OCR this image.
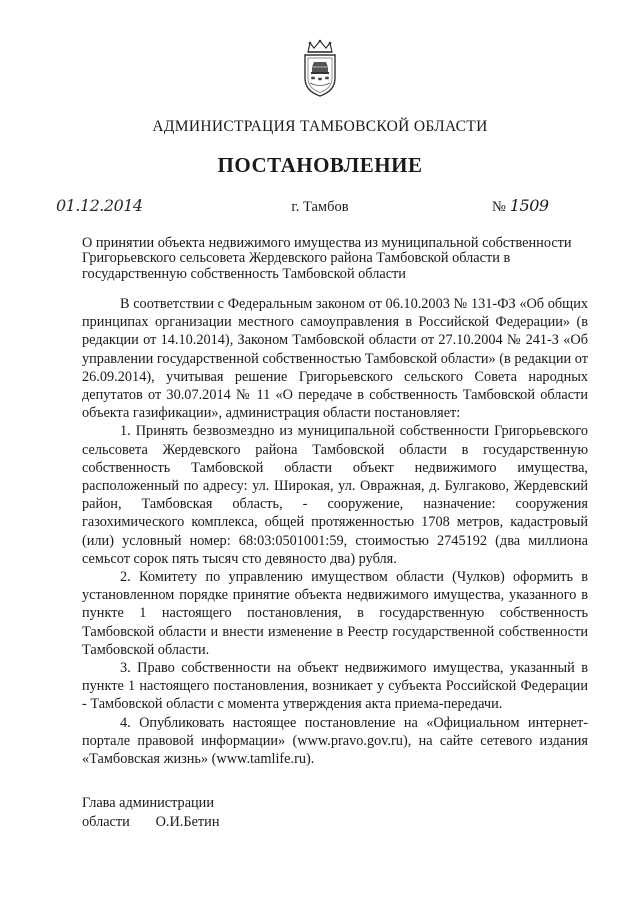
АДМИНИСТРАЦИЯ ТАМБОВСКОЙ ОБЛАСТИ
ПОСТАНОВЛЕНИЕ
01.12.2014	г. Тамбов	№ 1509
О принятии объекта недвижимого имущества из муниципальной собственности Григорьевского сельсовета Жердевского района Тамбовской области в государственную собственность Тамбовской области

В соответствии с Федеральным законом от 06.10.2003 № 131-ФЗ «Об общих принципах организации местного самоуправления в Российской Федерации» (в редакции от 14.10.2014), Законом Тамбовской области от 27.10.2004 № 241-З «Об управлении государственной собственностью Тамбовской области» (в редакции от 26.09.2014), учитывая решение Григорьевского сельского Совета народных депутатов от 30.07.2014 № 11 «О передаче в собственность Тамбовской области объекта газификации», администрация области постановляет:

1. Принять безвозмездно из муниципальной собственности Григорьевского сельсовета Жердевского района Тамбовской области в государственную собственность Тамбовской области объект недвижимого имущества, расположенный по адресу: ул. Широкая, ул. Овражная, д. Булгаково, Жердевский район, Тамбовская область, - сооружение, назначение: сооружения газохимического комплекса, общей протяженностью 1708 метров, кадастровый (или) условный номер: 68:03:0501001:59, стоимостью 2745192 (два миллиона семьсот сорок пять тысяч сто девяносто два) рубля.

2. Комитету по управлению имуществом области (Чулков) оформить в установленном порядке принятие объекта недвижимого имущества, указанного в пункте 1 настоящего постановления, в государственную собственность Тамбовской области и внести изменение в Реестр государственной собственности Тамбовской области.

3. Право собственности на объект недвижимого имущества, указанный в пункте 1 настоящего постановления, возникает у субъекта Российской Федерации - Тамбовской области с момента утверждения акта приема-передачи.

4. Опубликовать настоящее постановление на «Официальном интернет-портале правовой информации» (www.pravo.gov.ru), на сайте сетевого издания «Тамбовская жизнь» (www.tamlife.ru).

Глава администрации
области О.И.Бетин
